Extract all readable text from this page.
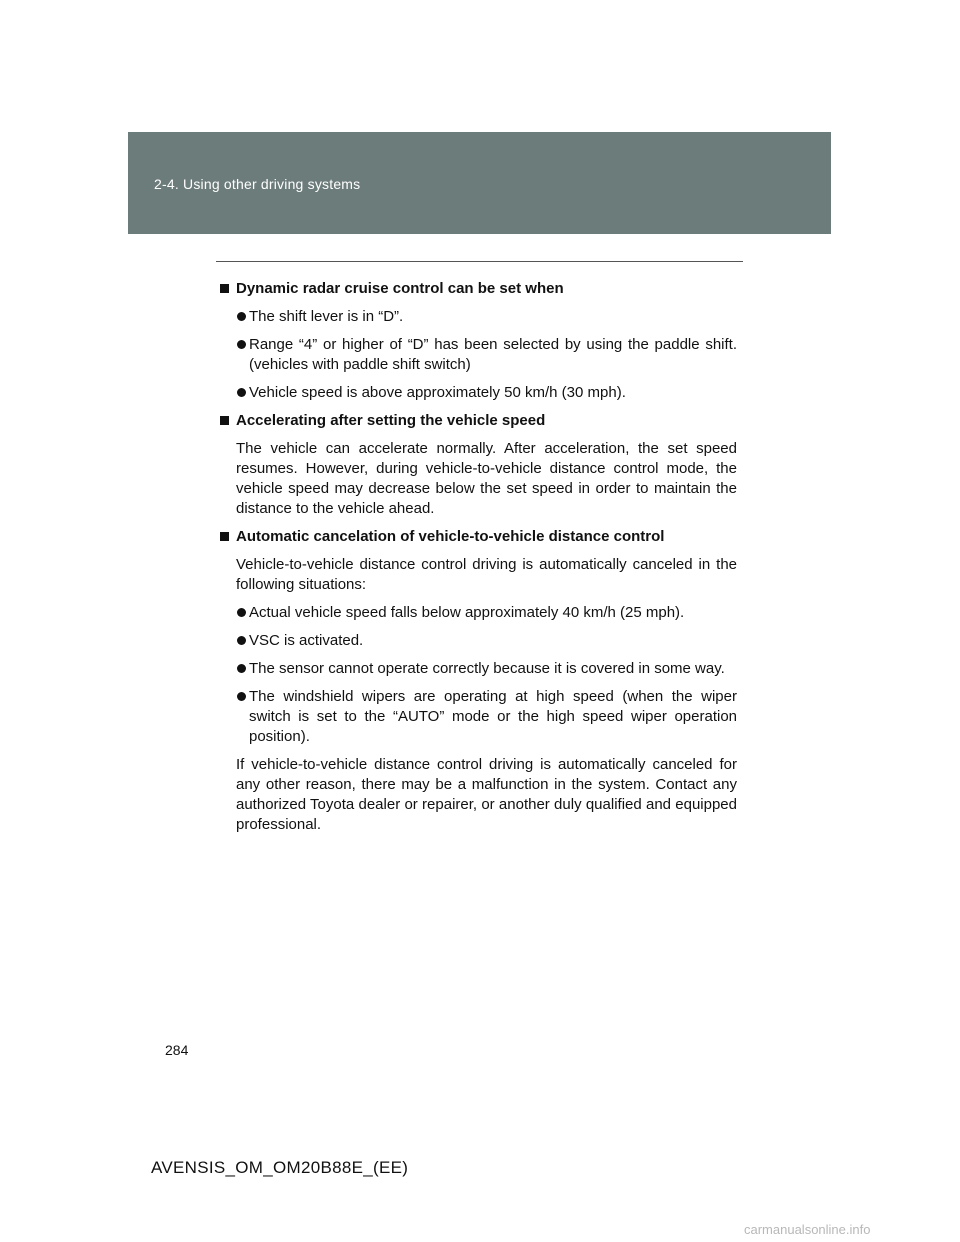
2-4. Using other driving systems
Dynamic radar cruise control can be set when
The shift lever is in “D”.
Range “4” or higher of “D” has been selected by using the paddle shift. (vehicles with paddle shift switch)
Vehicle speed is above approximately 50 km/h (30 mph).
Accelerating after setting the vehicle speed
The vehicle can accelerate normally. After acceleration, the set speed resumes. However, during vehicle-to-vehicle distance control mode, the vehicle speed may decrease below the set speed in order to maintain the distance to the vehicle ahead.
Automatic cancelation of vehicle-to-vehicle distance control
Vehicle-to-vehicle distance control driving is automatically canceled in the following situations:
Actual vehicle speed falls below approximately 40 km/h (25 mph).
VSC is activated.
The sensor cannot operate correctly because it is covered in some way.
The windshield wipers are operating at high speed (when the wiper switch is set to the “AUTO” mode or the high speed wiper operation position).
If vehicle-to-vehicle distance control driving is automatically canceled for any other reason, there may be a malfunction in the system. Contact any authorized Toyota dealer or repairer, or another duly qualified and equipped professional.
284
AVENSIS_OM_OM20B88E_(EE)
carmanualsonline.info
